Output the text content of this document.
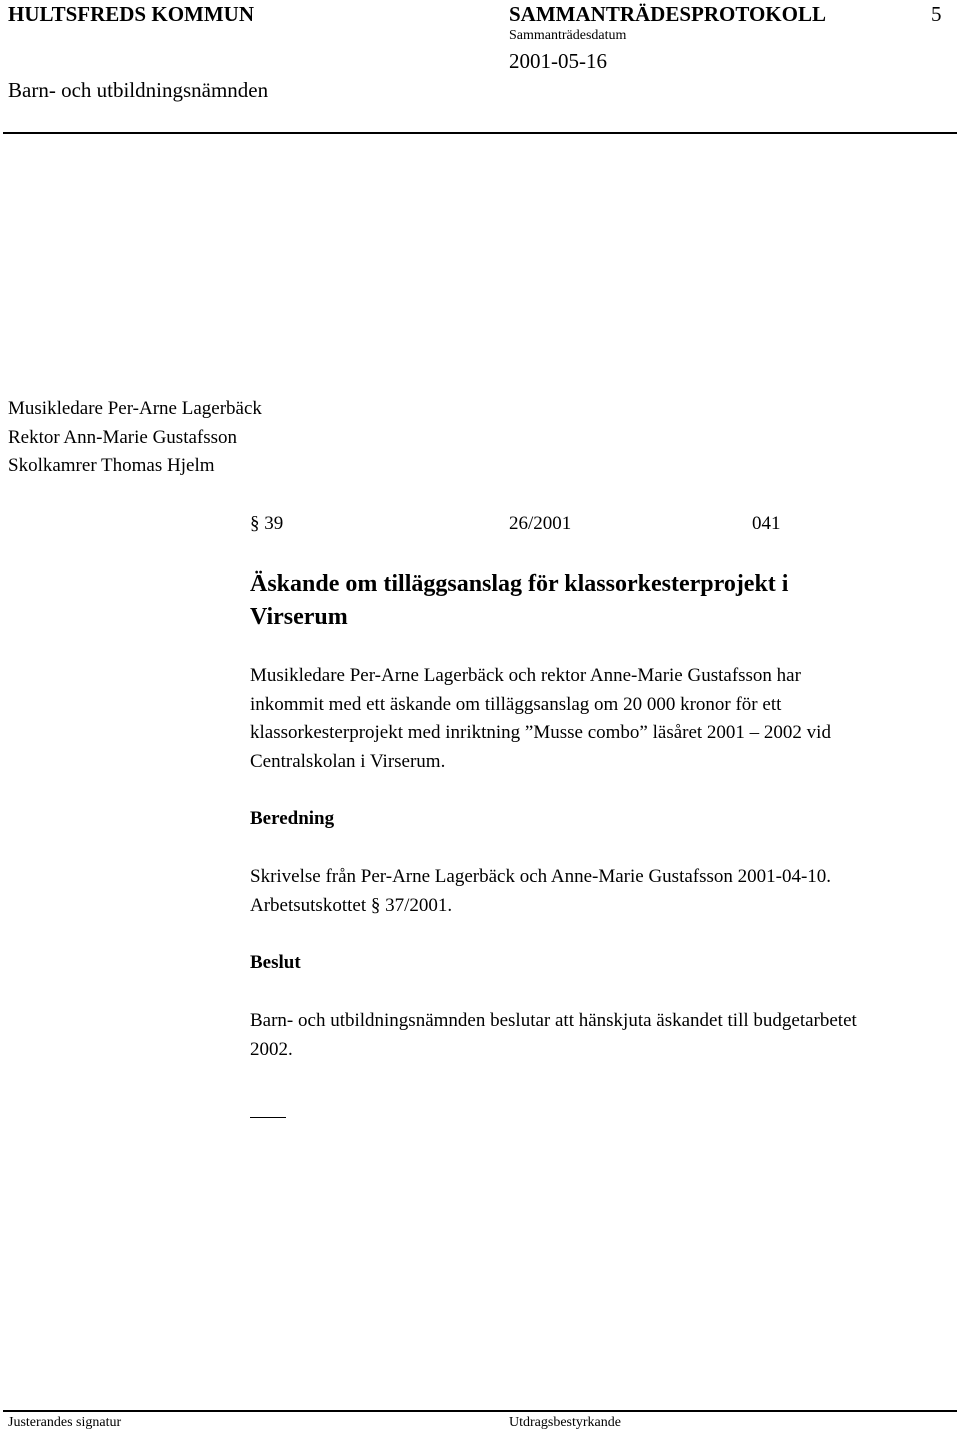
HULTSFREDS KOMMUN	SAMMANTRÄDESPROTOKOLL	5
Sammanträdesdatum
2001-05-16
Barn- och utbildningsnämnden
Musikledare Per-Arne Lagerbäck
Rektor Ann-Marie Gustafsson
Skolkamrer Thomas Hjelm
§ 39	26/2001	041
Äskande om tilläggsanslag för klassorkesterprojekt i
Virserum
Musikledare Per-Arne Lagerbäck och rektor Anne-Marie Gustafsson har
inkommit med ett äskande om tilläggsanslag om 20 000 kronor för ett
klassorkesterprojekt med inriktning ”Musse combo” läsåret 2001 – 2002 vid
Centralskolan i Virserum.
Beredning
Skrivelse från Per-Arne Lagerbäck och Anne-Marie Gustafsson 2001-04-10.
Arbetsutskottet § 37/2001.
Beslut
Barn- och utbildningsnämnden beslutar att hänskjuta äskandet till budgetarbetet
2002.
Justerandes signatur	Utdragsbestyrkande
